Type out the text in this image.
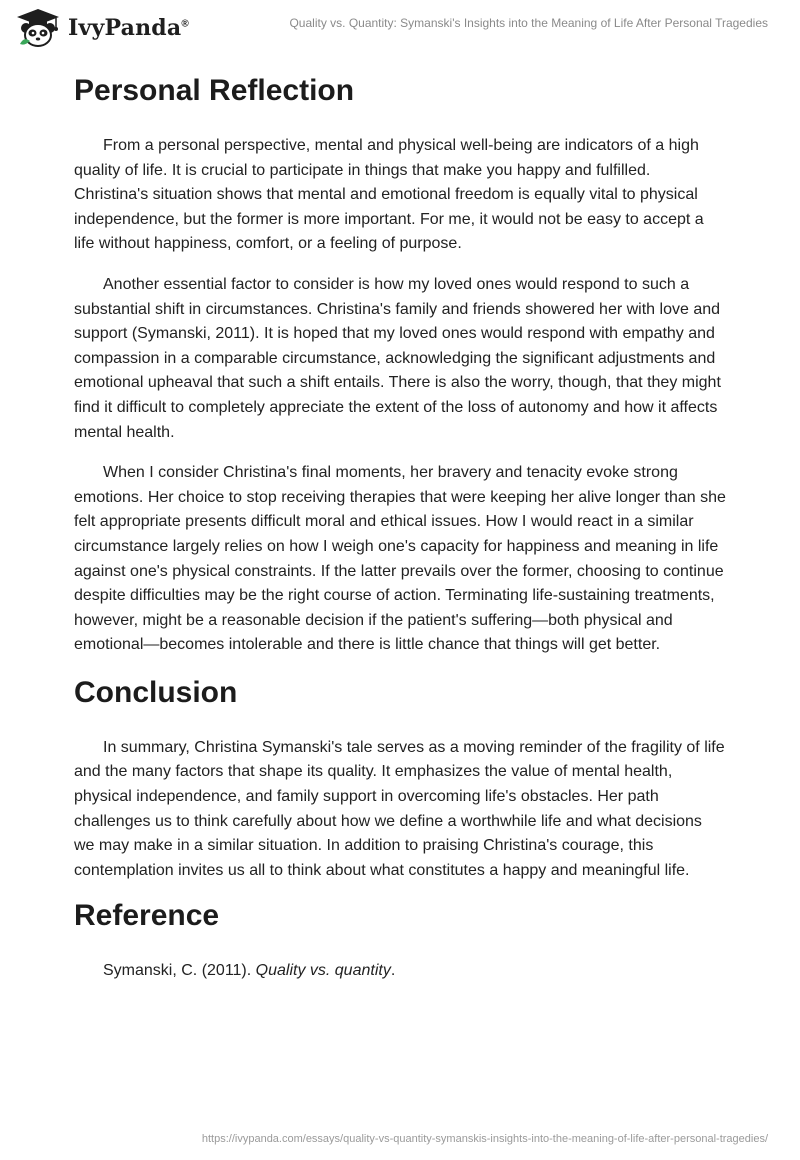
IvyPanda®	Quality vs. Quantity: Symanski's Insights into the Meaning of Life After Personal Tragedies
Personal Reflection

From a personal perspective, mental and physical well-being are indicators of a high quality of life. It is crucial to participate in things that make you happy and fulfilled. Christina's situation shows that mental and emotional freedom is equally vital to physical independence, but the former is more important. For me, it would not be easy to accept a life without happiness, comfort, or a feeling of purpose.

Another essential factor to consider is how my loved ones would respond to such a substantial shift in circumstances. Christina's family and friends showered her with love and support (Symanski, 2011). It is hoped that my loved ones would respond with empathy and compassion in a comparable circumstance, acknowledging the significant adjustments and emotional upheaval that such a shift entails. There is also the worry, though, that they might find it difficult to completely appreciate the extent of the loss of autonomy and how it affects mental health.

When I consider Christina's final moments, her bravery and tenacity evoke strong emotions. Her choice to stop receiving therapies that were keeping her alive longer than she felt appropriate presents difficult moral and ethical issues. How I would react in a similar circumstance largely relies on how I weigh one's capacity for happiness and meaning in life against one's physical constraints. If the latter prevails over the former, choosing to continue despite difficulties may be the right course of action. Terminating life-sustaining treatments, however, might be a reasonable decision if the patient's suffering—both physical and emotional—becomes intolerable and there is little chance that things will get better.

Conclusion

In summary, Christina Symanski's tale serves as a moving reminder of the fragility of life and the many factors that shape its quality. It emphasizes the value of mental health, physical independence, and family support in overcoming life's obstacles. Her path challenges us to think carefully about how we define a worthwhile life and what decisions we may make in a similar situation. In addition to praising Christina's courage, this contemplation invites us all to think about what constitutes a happy and meaningful life.

Reference

Symanski, C. (2011). Quality vs. quantity.

https://ivypanda.com/essays/quality-vs-quantity-symanskis-insights-into-the-meaning-of-life-after-personal-tragedies/
